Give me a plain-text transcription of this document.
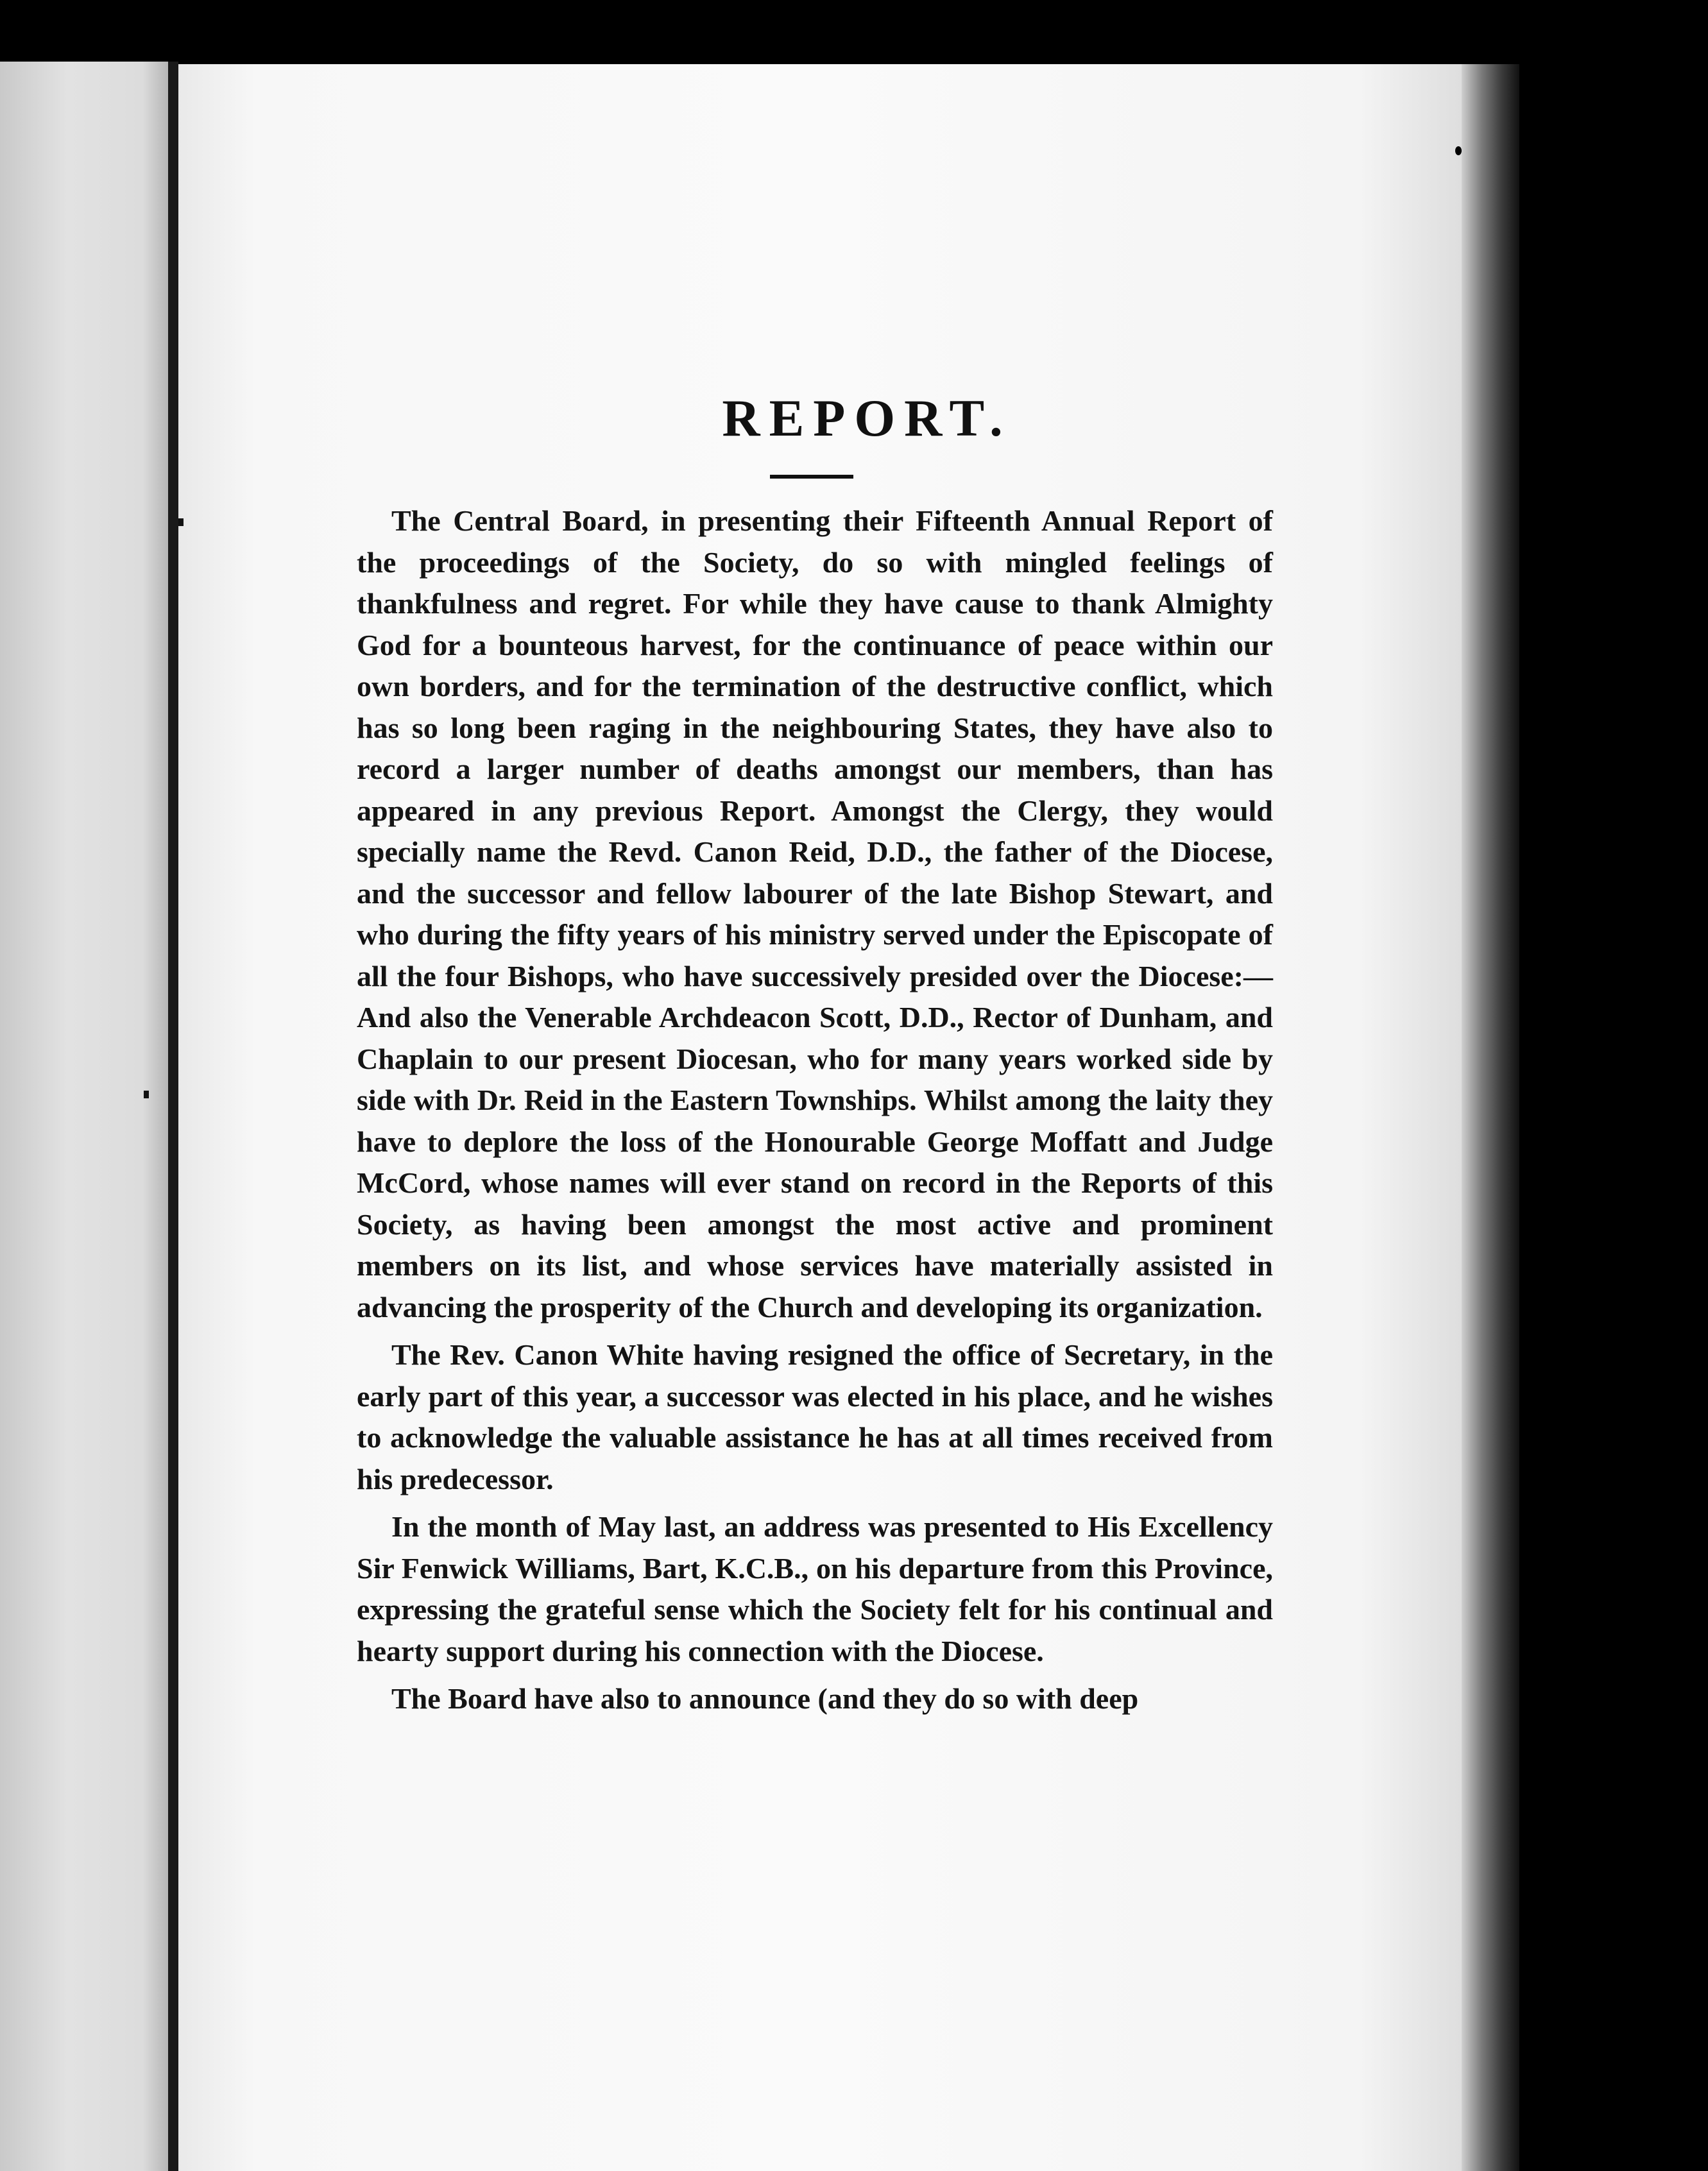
REPORT.

The Central Board, in presenting their Fifteenth Annual Report of the proceedings of the Society, do so with mingled feelings of thankfulness and regret. For while they have cause to thank Almighty God for a bounteous harvest, for the continuance of peace within our own borders, and for the termination of the destructive conflict, which has so long been raging in the neighbouring States, they have also to record a larger number of deaths amongst our members, than has appeared in any previous Report. Amongst the Clergy, they would specially name the Revd. Canon Reid, D.D., the father of the Diocese, and the successor and fellow labourer of the late Bishop Stewart, and who during the fifty years of his ministry served under the Episcopate of all the four Bishops, who have successively presided over the Diocese:—And also the Venerable Archdeacon Scott, D.D., Rector of Dunham, and Chaplain to our present Diocesan, who for many years worked side by side with Dr. Reid in the Eastern Townships. Whilst among the laity they have to deplore the loss of the Honourable George Moffatt and Judge McCord, whose names will ever stand on record in the Reports of this Society, as having been amongst the most active and prominent members on its list, and whose services have materially assisted in advancing the prosperity of the Church and developing its organization.

The Rev. Canon White having resigned the office of Secretary, in the early part of this year, a successor was elected in his place, and he wishes to acknowledge the valuable assistance he has at all times received from his predecessor.

In the month of May last, an address was presented to His Excellency Sir Fenwick Williams, Bart, K.C.B., on his departure from this Province, expressing the grateful sense which the Society felt for his continual and hearty support during his connection with the Diocese.

The Board have also to announce (and they do so with deep
